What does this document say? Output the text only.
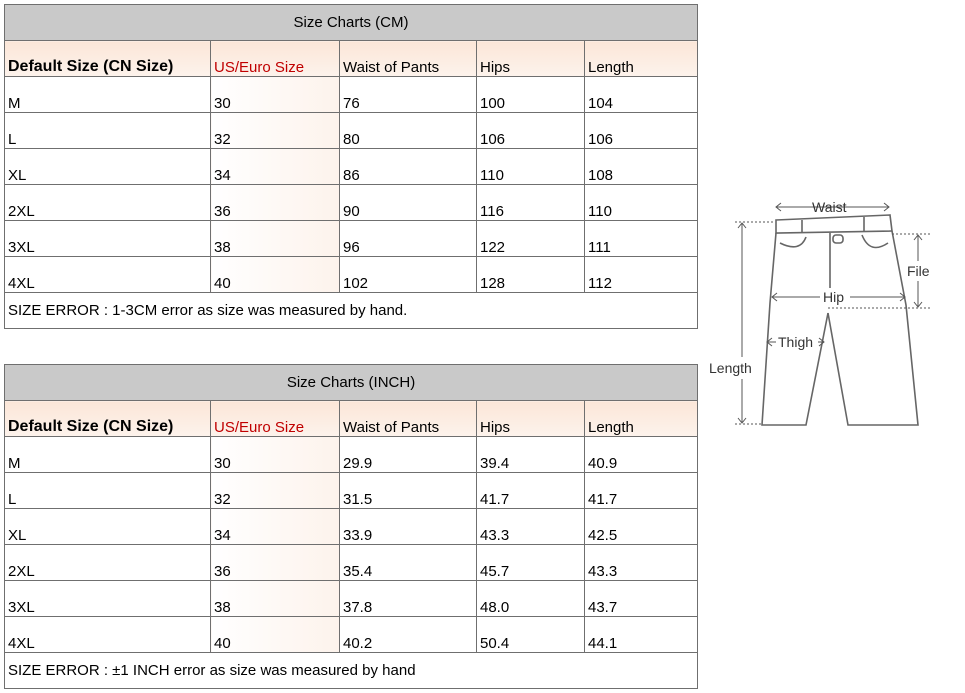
Size Charts (CM)				
Default Size (CN Size)	US/Euro Size	Waist of Pants	Hips	Length
M	30	76	100	104
L	32	80	106	106
XL	34	86	110	108
2XL	36	90	116	110
3XL	38	96	122	111
4XL	40	102	128	112
SIZE ERROR : 1-3CM error as size was measured by hand.				
Size Charts (INCH)				
Default Size (CN Size)	US/Euro Size	Waist of Pants	Hips	Length
M	30	29.9	39.4	40.9
L	32	31.5	41.7	41.7
XL	34	33.9	43.3	42.5
2XL	36	35.4	45.7	43.3
3XL	38	37.8	48.0	43.7
4XL	40	40.2	50.4	44.1
SIZE ERROR : ±1 INCH error as size was measured by hand				
Waist
Length
File
Hip
Thigh
